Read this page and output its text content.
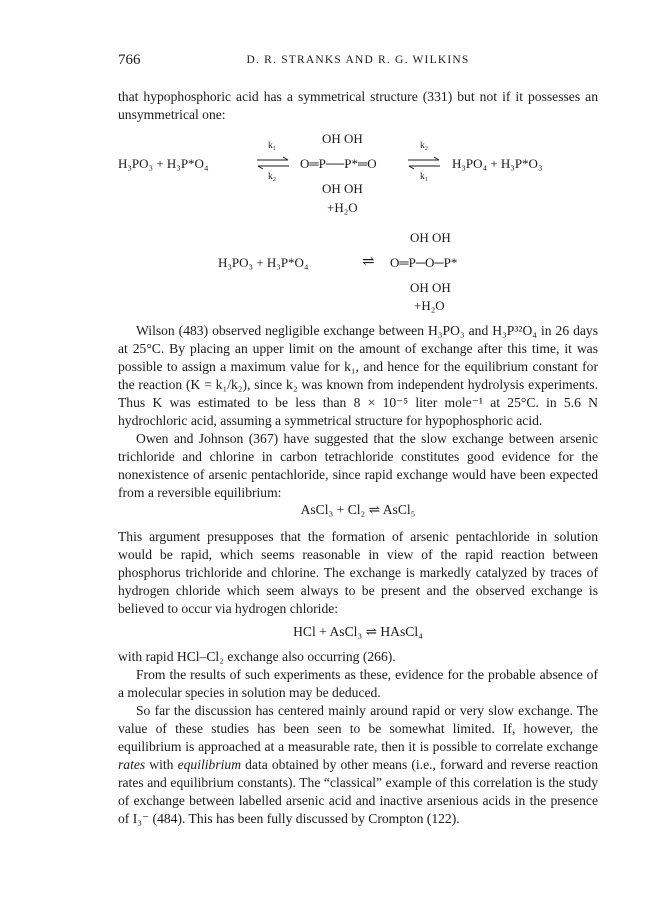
766	D. R. STRANKS AND R. G. WILKINS

that hypophosphoric acid has a symmetrical structure (331) but not if it possesses an unsymmetrical one:

H₃PO₃ + H₃P*O₄
k₁
k₂
OH OH
O═P──P*═O
OH OH
+H₂O
k₂
k₁
H₃PO₄ + H₃P*O₃
H₃PO₃ + H₃P*O₄	⇌
OH OH
O═P─O─P*
OH OH
+H₂O

Wilson (483) observed negligible exchange between H₃PO₃ and H₃P³²O₄ in 26 days at 25°C. By placing an upper limit on the amount of exchange after this time, it was possible to assign a maximum value for k₁, and hence for the equilibrium constant for the reaction (K = k₁/k₂), since k₂ was known from independent hydrolysis experiments. Thus K was estimated to be less than 8 × 10⁻⁵ liter mole⁻¹ at 25°C. in 5.6 N hydrochloric acid, assuming a symmetrical structure for hypophosphoric acid.

Owen and Johnson (367) have suggested that the slow exchange between arsenic trichloride and chlorine in carbon tetrachloride constitutes good evidence for the nonexistence of arsenic pentachloride, since rapid exchange would have been expected from a reversible equilibrium:

AsCl₃ + Cl₂ ⇌ AsCl₅

This argument presupposes that the formation of arsenic pentachloride in solution would be rapid, which seems reasonable in view of the rapid reaction between phosphorus trichloride and chlorine. The exchange is markedly catalyzed by traces of hydrogen chloride which seem always to be present and the observed exchange is believed to occur via hydrogen chloride:

HCl + AsCl₃ ⇌ HAsCl₄

with rapid HCl–Cl₂ exchange also occurring (266).

From the results of such experiments as these, evidence for the probable absence of a molecular species in solution may be deduced.

So far the discussion has centered mainly around rapid or very slow exchange. The value of these studies has been seen to be somewhat limited. If, however, the equilibrium is approached at a measurable rate, then it is possible to correlate exchange rates with equilibrium data obtained by other means (i.e., forward and reverse reaction rates and equilibrium constants). The “classical” example of this correlation is the study of exchange between labelled arsenic acid and inactive arsenious acids in the presence of I₃⁻ (484). This has been fully discussed by Crompton (122).
